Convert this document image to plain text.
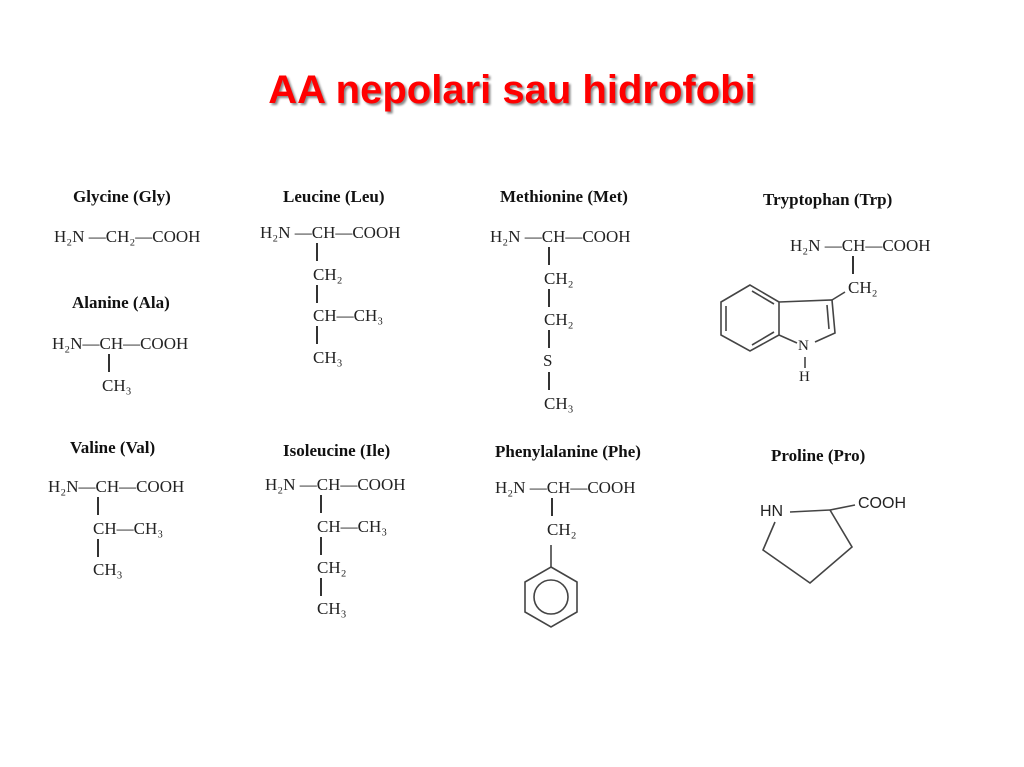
AA nepolari sau hidrofobi
Glycine (Gly)
H₂N —CH₂—COOH
Alanine (Ala)
H₂N—CH—COOH
CH₃
Valine (Val)
H₂N—CH—COOH
CH—CH₃
CH₃
Leucine (Leu)
H₂N —CH—COOH
CH₂
CH—CH₃
CH₃
Isoleucine (Ile)
H₂N —CH—COOH
CH—CH₃
CH₂
CH₃
Methionine (Met)
H₂N —CH—COOH
CH₂
CH₂
S
CH₃
Phenylalanine (Phe)
H₂N —CH—COOH
CH₂
Tryptophan (Trp)
H₂N —CH—COOH
CH₂
N
H
Proline (Pro)
HN	COOH
